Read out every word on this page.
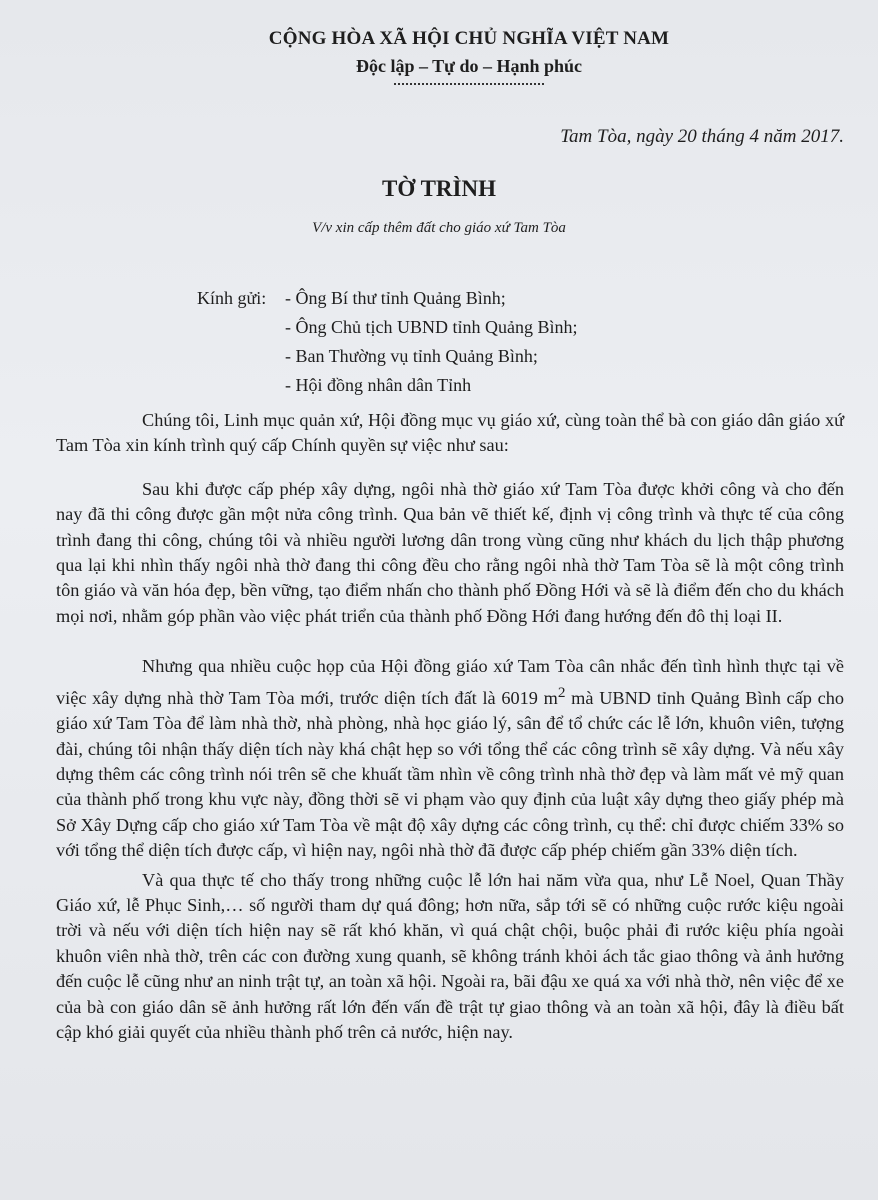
CỘNG HÒA XÃ HỘI CHỦ NGHĨA VIỆT NAM
Độc lập – Tự do – Hạnh phúc
Tam Tòa, ngày 20 tháng 4 năm 2017.
TỜ TRÌNH
V/v xin cấp thêm đất cho giáo xứ Tam Tòa
Kính gửi:	- Ông Bí thư tỉnh Quảng Bình;
- Ông Chủ tịch UBND tỉnh Quảng Bình;
- Ban Thường vụ tỉnh Quảng Bình;
- Hội đồng nhân dân Tỉnh

Chúng tôi, Linh mục quản xứ, Hội đồng mục vụ giáo xứ, cùng toàn thể bà con giáo dân giáo xứ Tam Tòa xin kính trình quý cấp Chính quyền sự việc như sau:

Sau khi được cấp phép xây dựng, ngôi nhà thờ giáo xứ Tam Tòa được khởi công và cho đến nay đã thi công được gần một nửa công trình. Qua bản vẽ thiết kế, định vị công trình và thực tế của công trình đang thi công, chúng tôi và nhiều người lương dân trong vùng cũng như khách du lịch thập phương qua lại khi nhìn thấy ngôi nhà thờ đang thi công đều cho rằng ngôi nhà thờ Tam Tòa sẽ là một công trình tôn giáo và văn hóa đẹp, bền vững, tạo điểm nhấn cho thành phố Đồng Hới và sẽ là điểm đến cho du khách mọi nơi, nhằm góp phần vào việc phát triển của thành phố Đồng Hới đang hướng đến đô thị loại II.

Nhưng qua nhiều cuộc họp của Hội đồng giáo xứ Tam Tòa cân nhắc đến tình hình thực tại về việc xây dựng nhà thờ Tam Tòa mới, trước diện tích đất là 6019 $m^2$ mà UBND tỉnh Quảng Bình cấp cho giáo xứ Tam Tòa để làm nhà thờ, nhà phòng, nhà học giáo lý, sân để tổ chức các lễ lớn, khuôn viên, tượng đài, chúng tôi nhận thấy diện tích này khá chật hẹp so với tổng thể các công trình sẽ xây dựng. Và nếu xây dựng thêm các công trình nói trên sẽ che khuất tầm nhìn về công trình nhà thờ đẹp và làm mất vẻ mỹ quan của thành phố trong khu vực này, đồng thời sẽ vi phạm vào quy định của luật xây dựng theo giấy phép mà Sở Xây Dựng cấp cho giáo xứ Tam Tòa về mật độ xây dựng các công trình, cụ thể: chỉ được chiếm 33% so với tổng thể diện tích được cấp, vì hiện nay, ngôi nhà thờ đã được cấp phép chiếm gần 33% diện tích.

Và qua thực tế cho thấy trong những cuộc lễ lớn hai năm vừa qua, như Lễ Noel, Quan Thầy Giáo xứ, lễ Phục Sinh,… số người tham dự quá đông; hơn nữa, sắp tới sẽ có những cuộc rước kiệu ngoài trời và nếu với diện tích hiện nay sẽ rất khó khăn, vì quá chật chội, buộc phải đi rước kiệu phía ngoài khuôn viên nhà thờ, trên các con đường xung quanh, sẽ không tránh khỏi ách tắc giao thông và ảnh hưởng đến cuộc lễ cũng như an ninh trật tự, an toàn xã hội. Ngoài ra, bãi đậu xe quá xa với nhà thờ, nên việc để xe của bà con giáo dân sẽ ảnh hưởng rất lớn đến vấn đề trật tự giao thông và an toàn xã hội, đây là điều bất cập khó giải quyết của nhiều thành phố trên cả nước, hiện nay.
